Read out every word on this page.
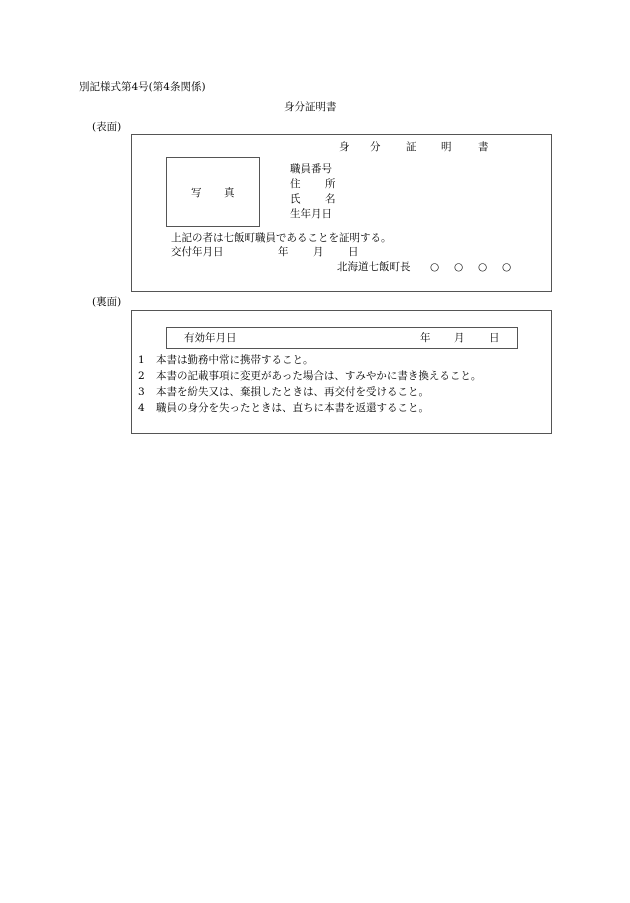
別記様式第4号(第4条関係)
身分証明書
(表面)
身 分 証 明	書
写 真
職員番号
住 所
氏 名
生年月日
上記の者は七飯町職員であることを証明する。
交付年月日	年 月 日
北海道七飯町長 ○ ○ ○ ○
(裏面)
有効年月日	年 月 日
1 本書は勤務中常に携帯すること。
2 本書の記載事項に変更があった場合は、すみやかに書き換えること。
3 本書を紛失又は、棄損したときは、再交付を受けること。
4 職員の身分を失ったときは、直ちに本書を返還すること。
